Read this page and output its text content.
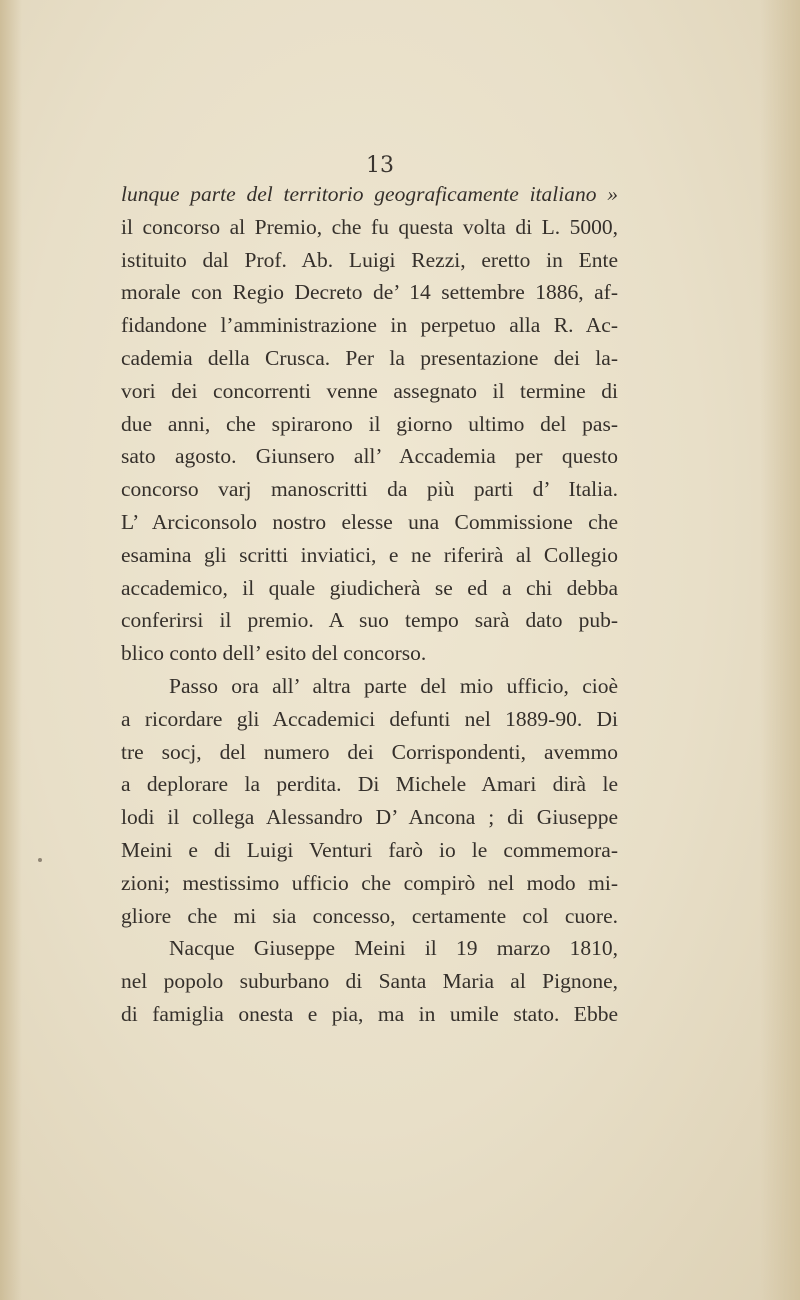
13
lunque parte del territorio geograficamente italiano »
il concorso al Premio, che fu questa volta di L. 5000,
istituito dal Prof. Ab. Luigi Rezzi, eretto in Ente
morale con Regio Decreto de’ 14 settembre 1886, af-
fidandone l’amministrazione in perpetuo alla R. Ac-
cademia della Crusca. Per la presentazione dei la-
vori dei concorrenti venne assegnato il termine di
due anni, che spirarono il giorno ultimo del pas-
sato agosto. Giunsero all’ Accademia per questo
concorso varj manoscritti da più parti d’ Italia.
L’ Arciconsolo nostro elesse una Commissione che
esamina gli scritti inviatici, e ne riferirà al Collegio
accademico, il quale giudicherà se ed a chi debba
conferirsi il premio. A suo tempo sarà dato pub-
blico conto dell’ esito del concorso.
Passo ora all’ altra parte del mio ufficio, cioè
a ricordare gli Accademici defunti nel 1889-90. Di
tre socj, del numero dei Corrispondenti, avemmo
a deplorare la perdita. Di Michele Amari dirà le
lodi il collega Alessandro D’ Ancona ; di Giuseppe
Meini e di Luigi Venturi farò io le commemora-
zioni; mestissimo ufficio che compirò nel modo mi-
gliore che mi sia concesso, certamente col cuore.
Nacque Giuseppe Meini il 19 marzo 1810,
nel popolo suburbano di Santa Maria al Pignone,
di famiglia onesta e pia, ma in umile stato. Ebbe
